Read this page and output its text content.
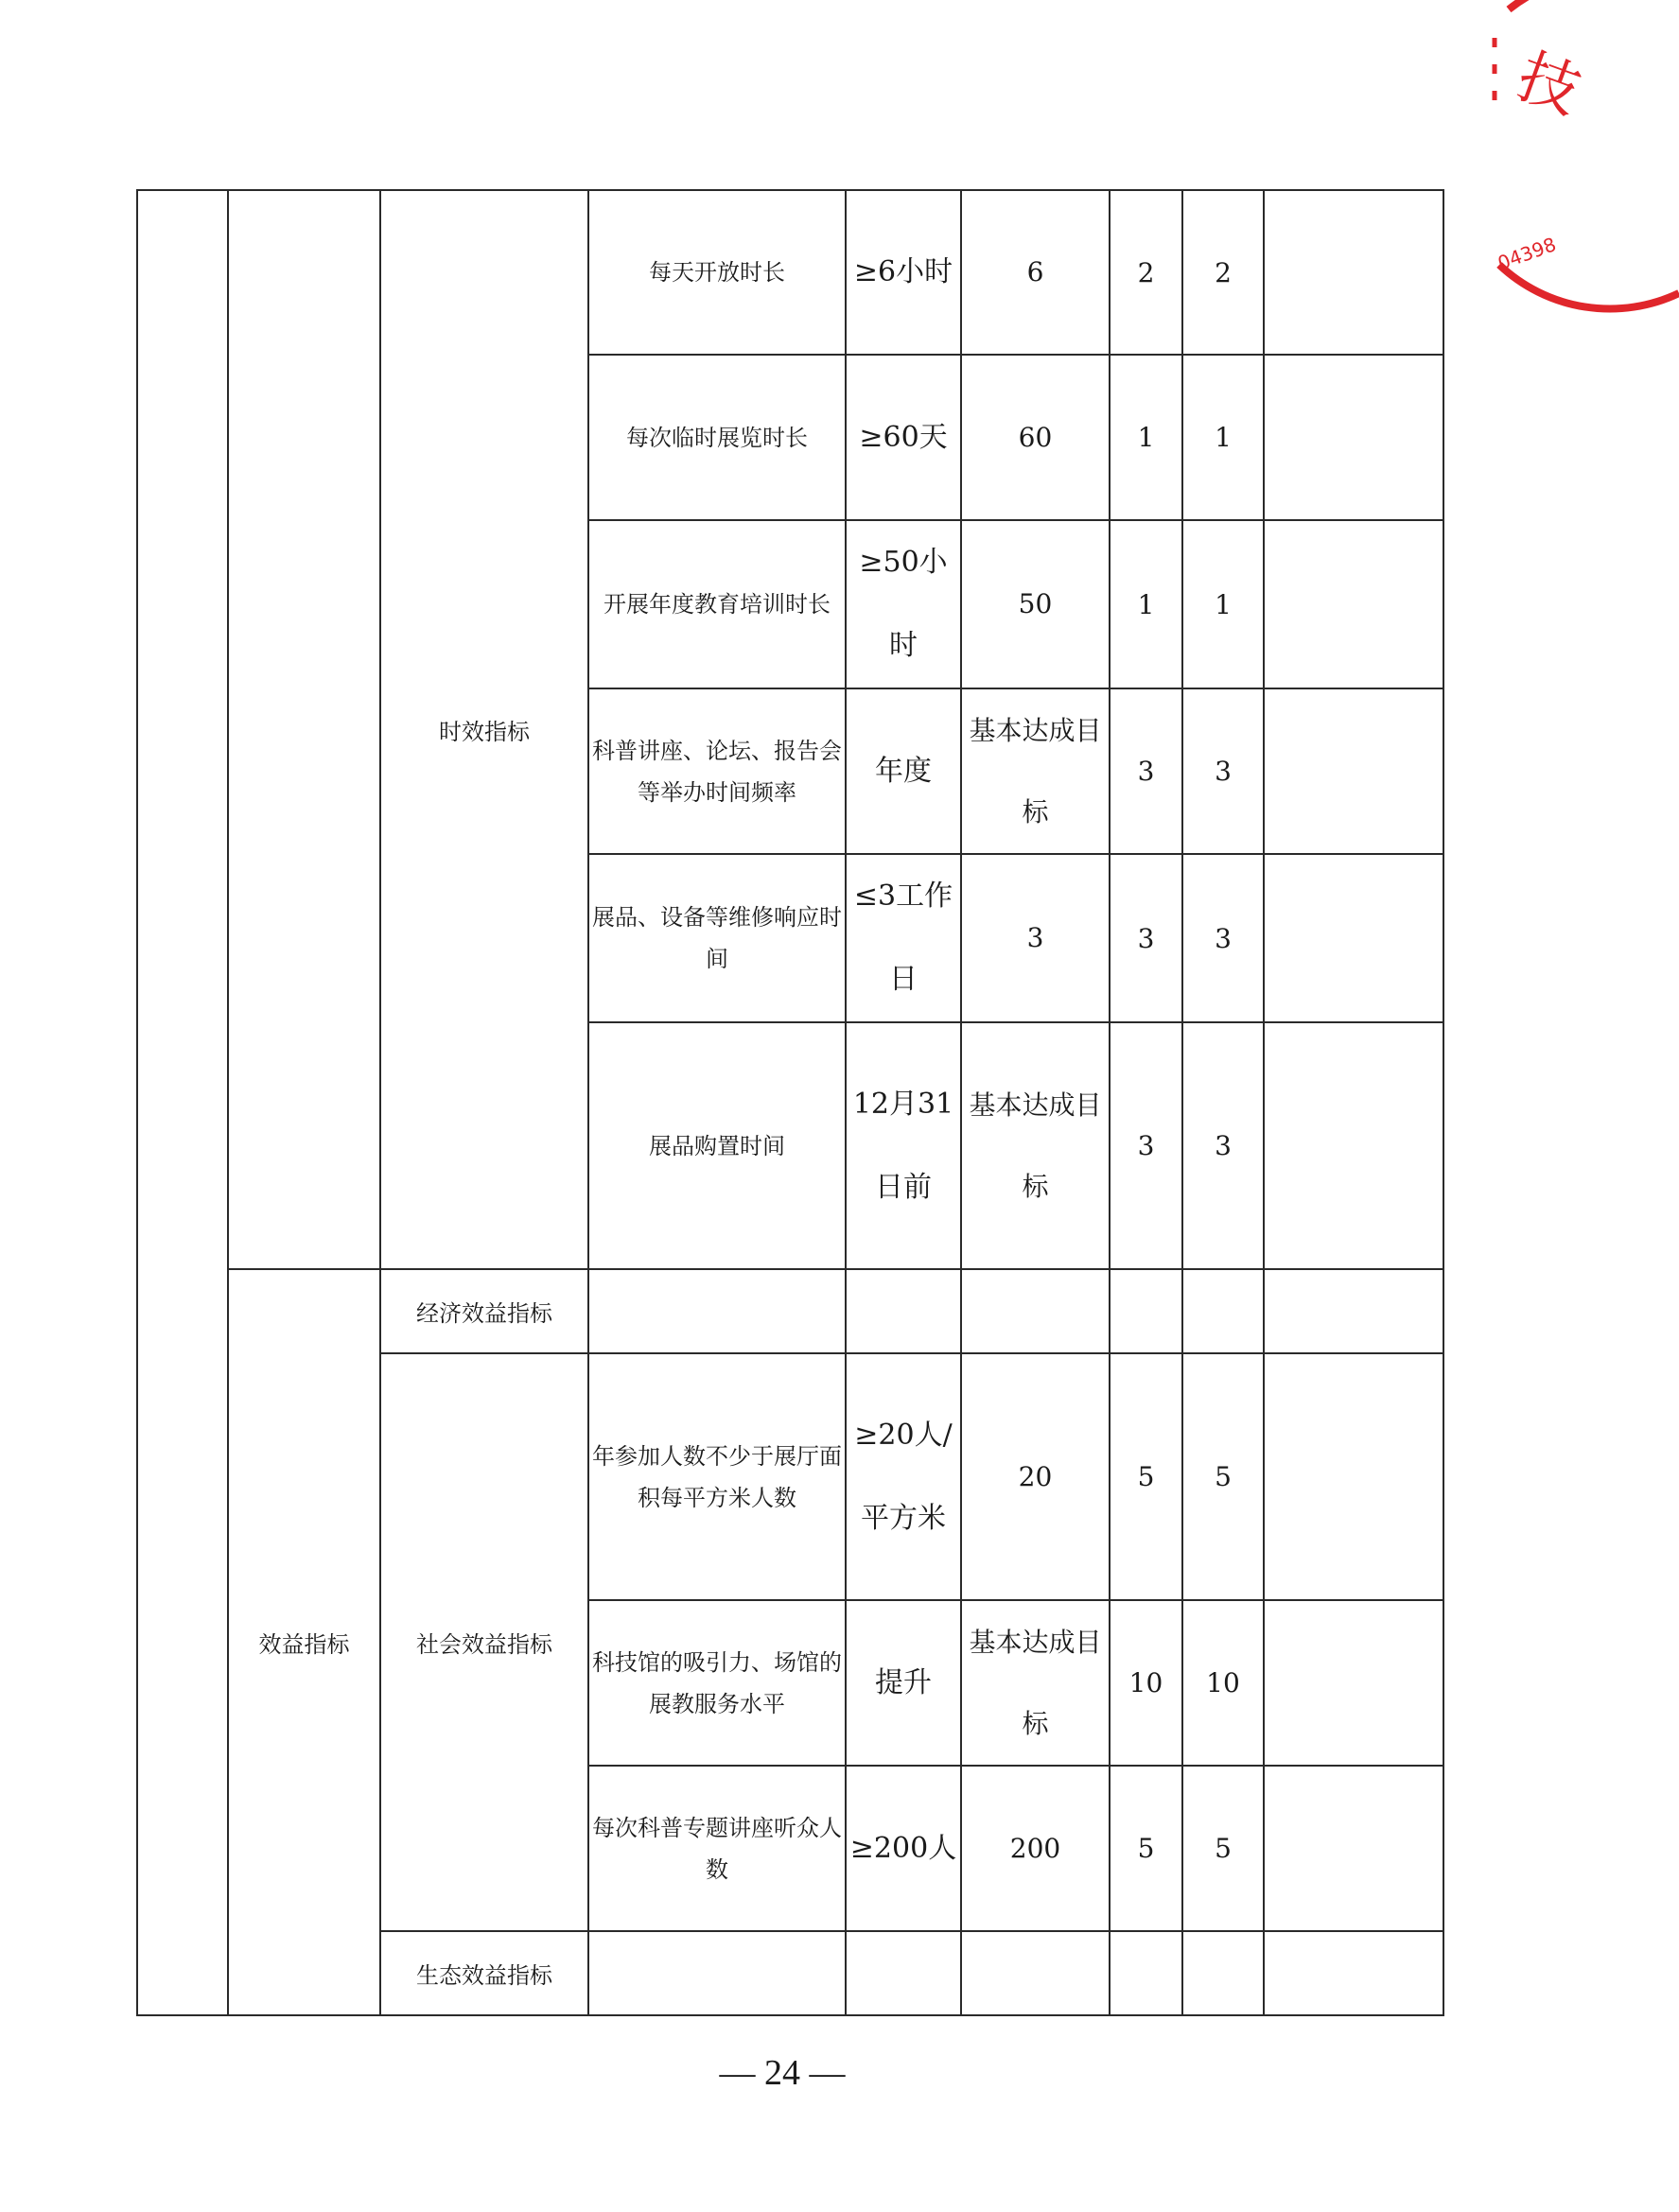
		时效指标	每天开放时长	≥6小时	6	2	2	
			每次临时展览时长	≥60天	60	1	1	
			开展年度教育培训时长	≥50小时	50	1	1	
			科普讲座、论坛、报告会等举办时间频率	年度	基本达成目标	3	3	
			展品、设备等维修响应时间	≤3工作日	3	3	3	
			展品购置时间	12月31日前	基本达成目标	3	3	
	效益指标	经济效益指标						
		社会效益指标	年参加人数不少于展厅面积每平方米人数	≥20人/平方米	20	5	5	
			科技馆的吸引力、场馆的展教服务水平	提升	基本达成目标	10	10	
			每次科普专题讲座听众人数	≥200人	200	5	5	
		生态效益指标						
— 24 —
技
04398
